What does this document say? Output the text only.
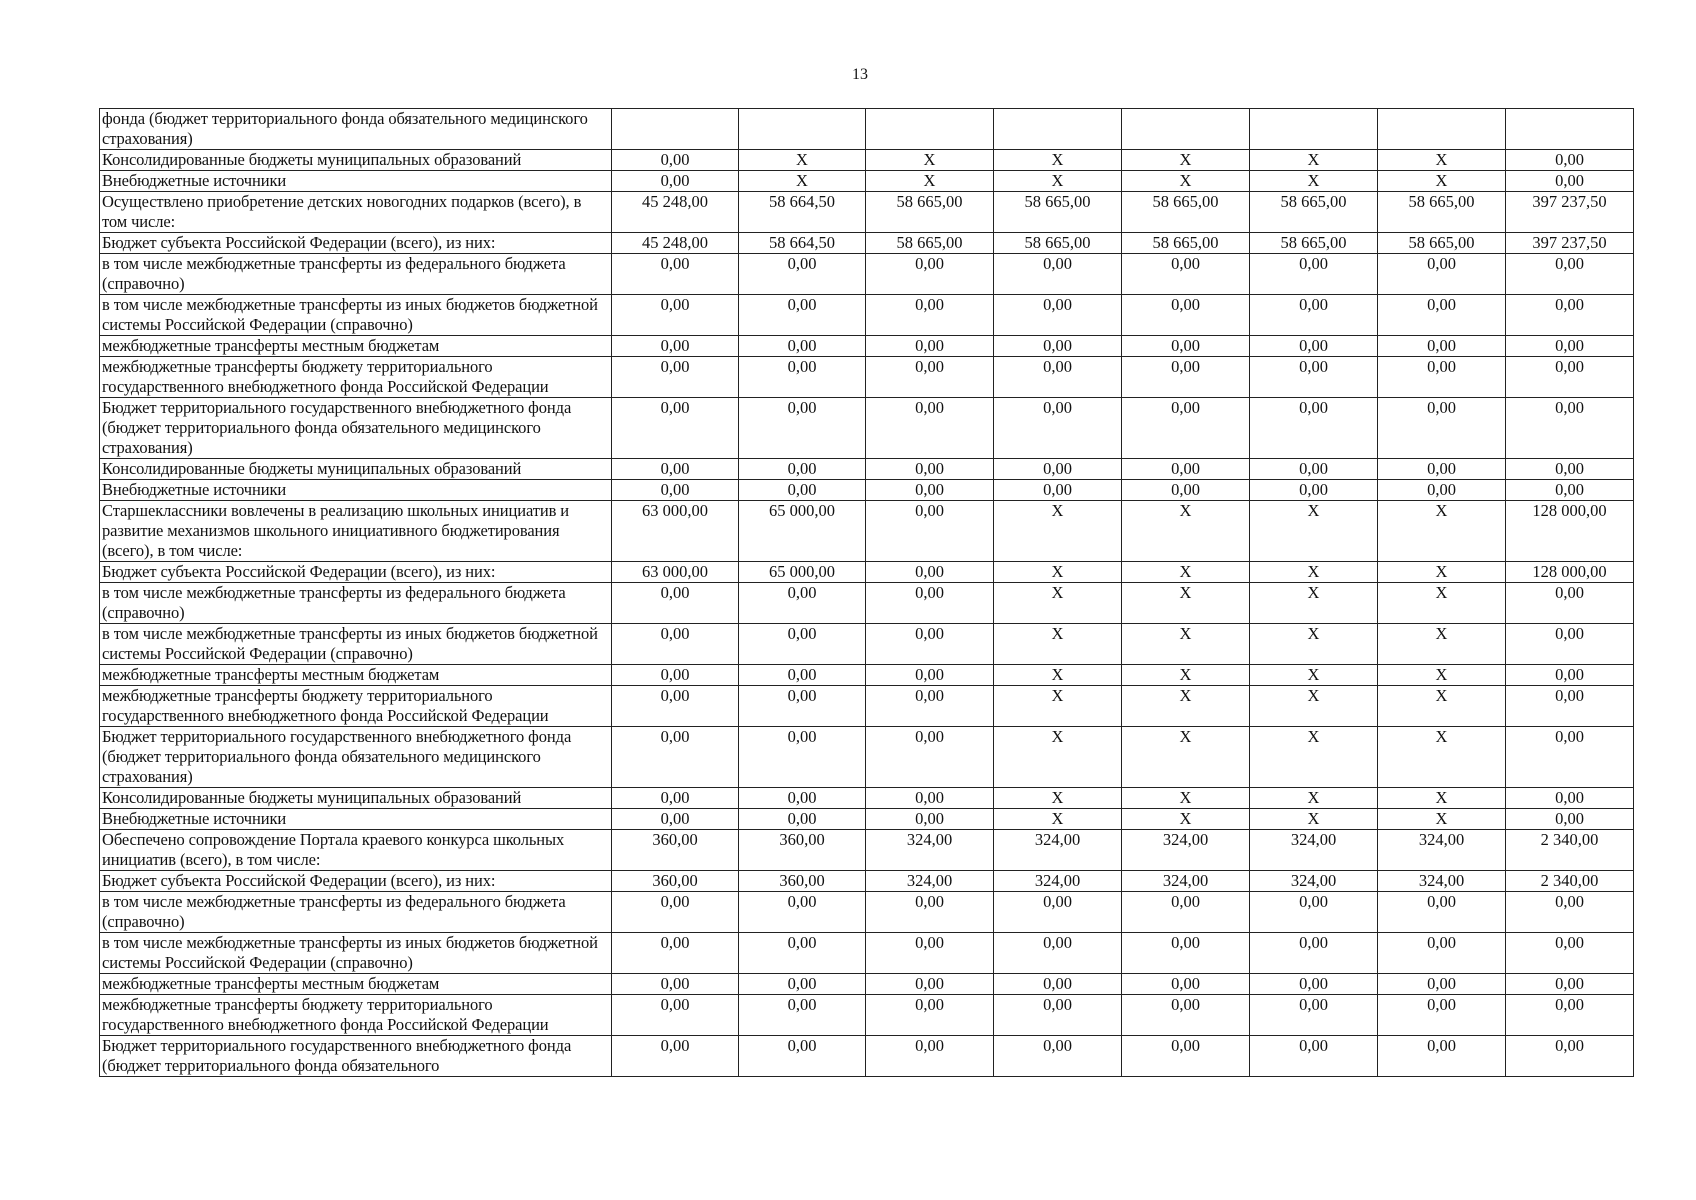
13
фонда (бюджет территориального фонда обязательного медицинского страхования)								
Консолидированные бюджеты муниципальных образований	0,00	X	X	X	X	X	X	0,00
Внебюджетные источники	0,00	X	X	X	X	X	X	0,00
Осуществлено приобретение детских новогодних подарков (всего), в том числе:	45 248,00	58 664,50	58 665,00	58 665,00	58 665,00	58 665,00	58 665,00	397 237,50
Бюджет субъекта Российской Федерации (всего), из них:	45 248,00	58 664,50	58 665,00	58 665,00	58 665,00	58 665,00	58 665,00	397 237,50
в том числе межбюджетные трансферты из федерального бюджета (справочно)	0,00	0,00	0,00	0,00	0,00	0,00	0,00	0,00
в том числе межбюджетные трансферты из иных бюджетов бюджетной системы Российской Федерации (справочно)	0,00	0,00	0,00	0,00	0,00	0,00	0,00	0,00
межбюджетные трансферты местным бюджетам	0,00	0,00	0,00	0,00	0,00	0,00	0,00	0,00
межбюджетные трансферты бюджету территориального государственного внебюджетного фонда Российской Федерации	0,00	0,00	0,00	0,00	0,00	0,00	0,00	0,00
Бюджет территориального государственного внебюджетного фонда (бюджет территориального фонда обязательного медицинского страхования)	0,00	0,00	0,00	0,00	0,00	0,00	0,00	0,00
Консолидированные бюджеты муниципальных образований	0,00	0,00	0,00	0,00	0,00	0,00	0,00	0,00
Внебюджетные источники	0,00	0,00	0,00	0,00	0,00	0,00	0,00	0,00
Старшеклассники вовлечены в реализацию школьных инициатив и развитие механизмов школьного инициативного бюджетирования (всего), в том числе:	63 000,00	65 000,00	0,00	X	X	X	X	128 000,00
Бюджет субъекта Российской Федерации (всего), из них:	63 000,00	65 000,00	0,00	X	X	X	X	128 000,00
в том числе межбюджетные трансферты из федерального бюджета (справочно)	0,00	0,00	0,00	X	X	X	X	0,00
в том числе межбюджетные трансферты из иных бюджетов бюджетной системы Российской Федерации (справочно)	0,00	0,00	0,00	X	X	X	X	0,00
межбюджетные трансферты местным бюджетам	0,00	0,00	0,00	X	X	X	X	0,00
межбюджетные трансферты бюджету территориального государственного внебюджетного фонда Российской Федерации	0,00	0,00	0,00	X	X	X	X	0,00
Бюджет территориального государственного внебюджетного фонда (бюджет территориального фонда обязательного медицинского страхования)	0,00	0,00	0,00	X	X	X	X	0,00
Консолидированные бюджеты муниципальных образований	0,00	0,00	0,00	X	X	X	X	0,00
Внебюджетные источники	0,00	0,00	0,00	X	X	X	X	0,00
Обеспечено сопровождение Портала краевого конкурса школьных инициатив (всего), в том числе:	360,00	360,00	324,00	324,00	324,00	324,00	324,00	2 340,00
Бюджет субъекта Российской Федерации (всего), из них:	360,00	360,00	324,00	324,00	324,00	324,00	324,00	2 340,00
в том числе межбюджетные трансферты из федерального бюджета (справочно)	0,00	0,00	0,00	0,00	0,00	0,00	0,00	0,00
в том числе межбюджетные трансферты из иных бюджетов бюджетной системы Российской Федерации (справочно)	0,00	0,00	0,00	0,00	0,00	0,00	0,00	0,00
межбюджетные трансферты местным бюджетам	0,00	0,00	0,00	0,00	0,00	0,00	0,00	0,00
межбюджетные трансферты бюджету территориального государственного внебюджетного фонда Российской Федерации	0,00	0,00	0,00	0,00	0,00	0,00	0,00	0,00
Бюджет территориального государственного внебюджетного фонда (бюджет территориального фонда обязательного	0,00	0,00	0,00	0,00	0,00	0,00	0,00	0,00
